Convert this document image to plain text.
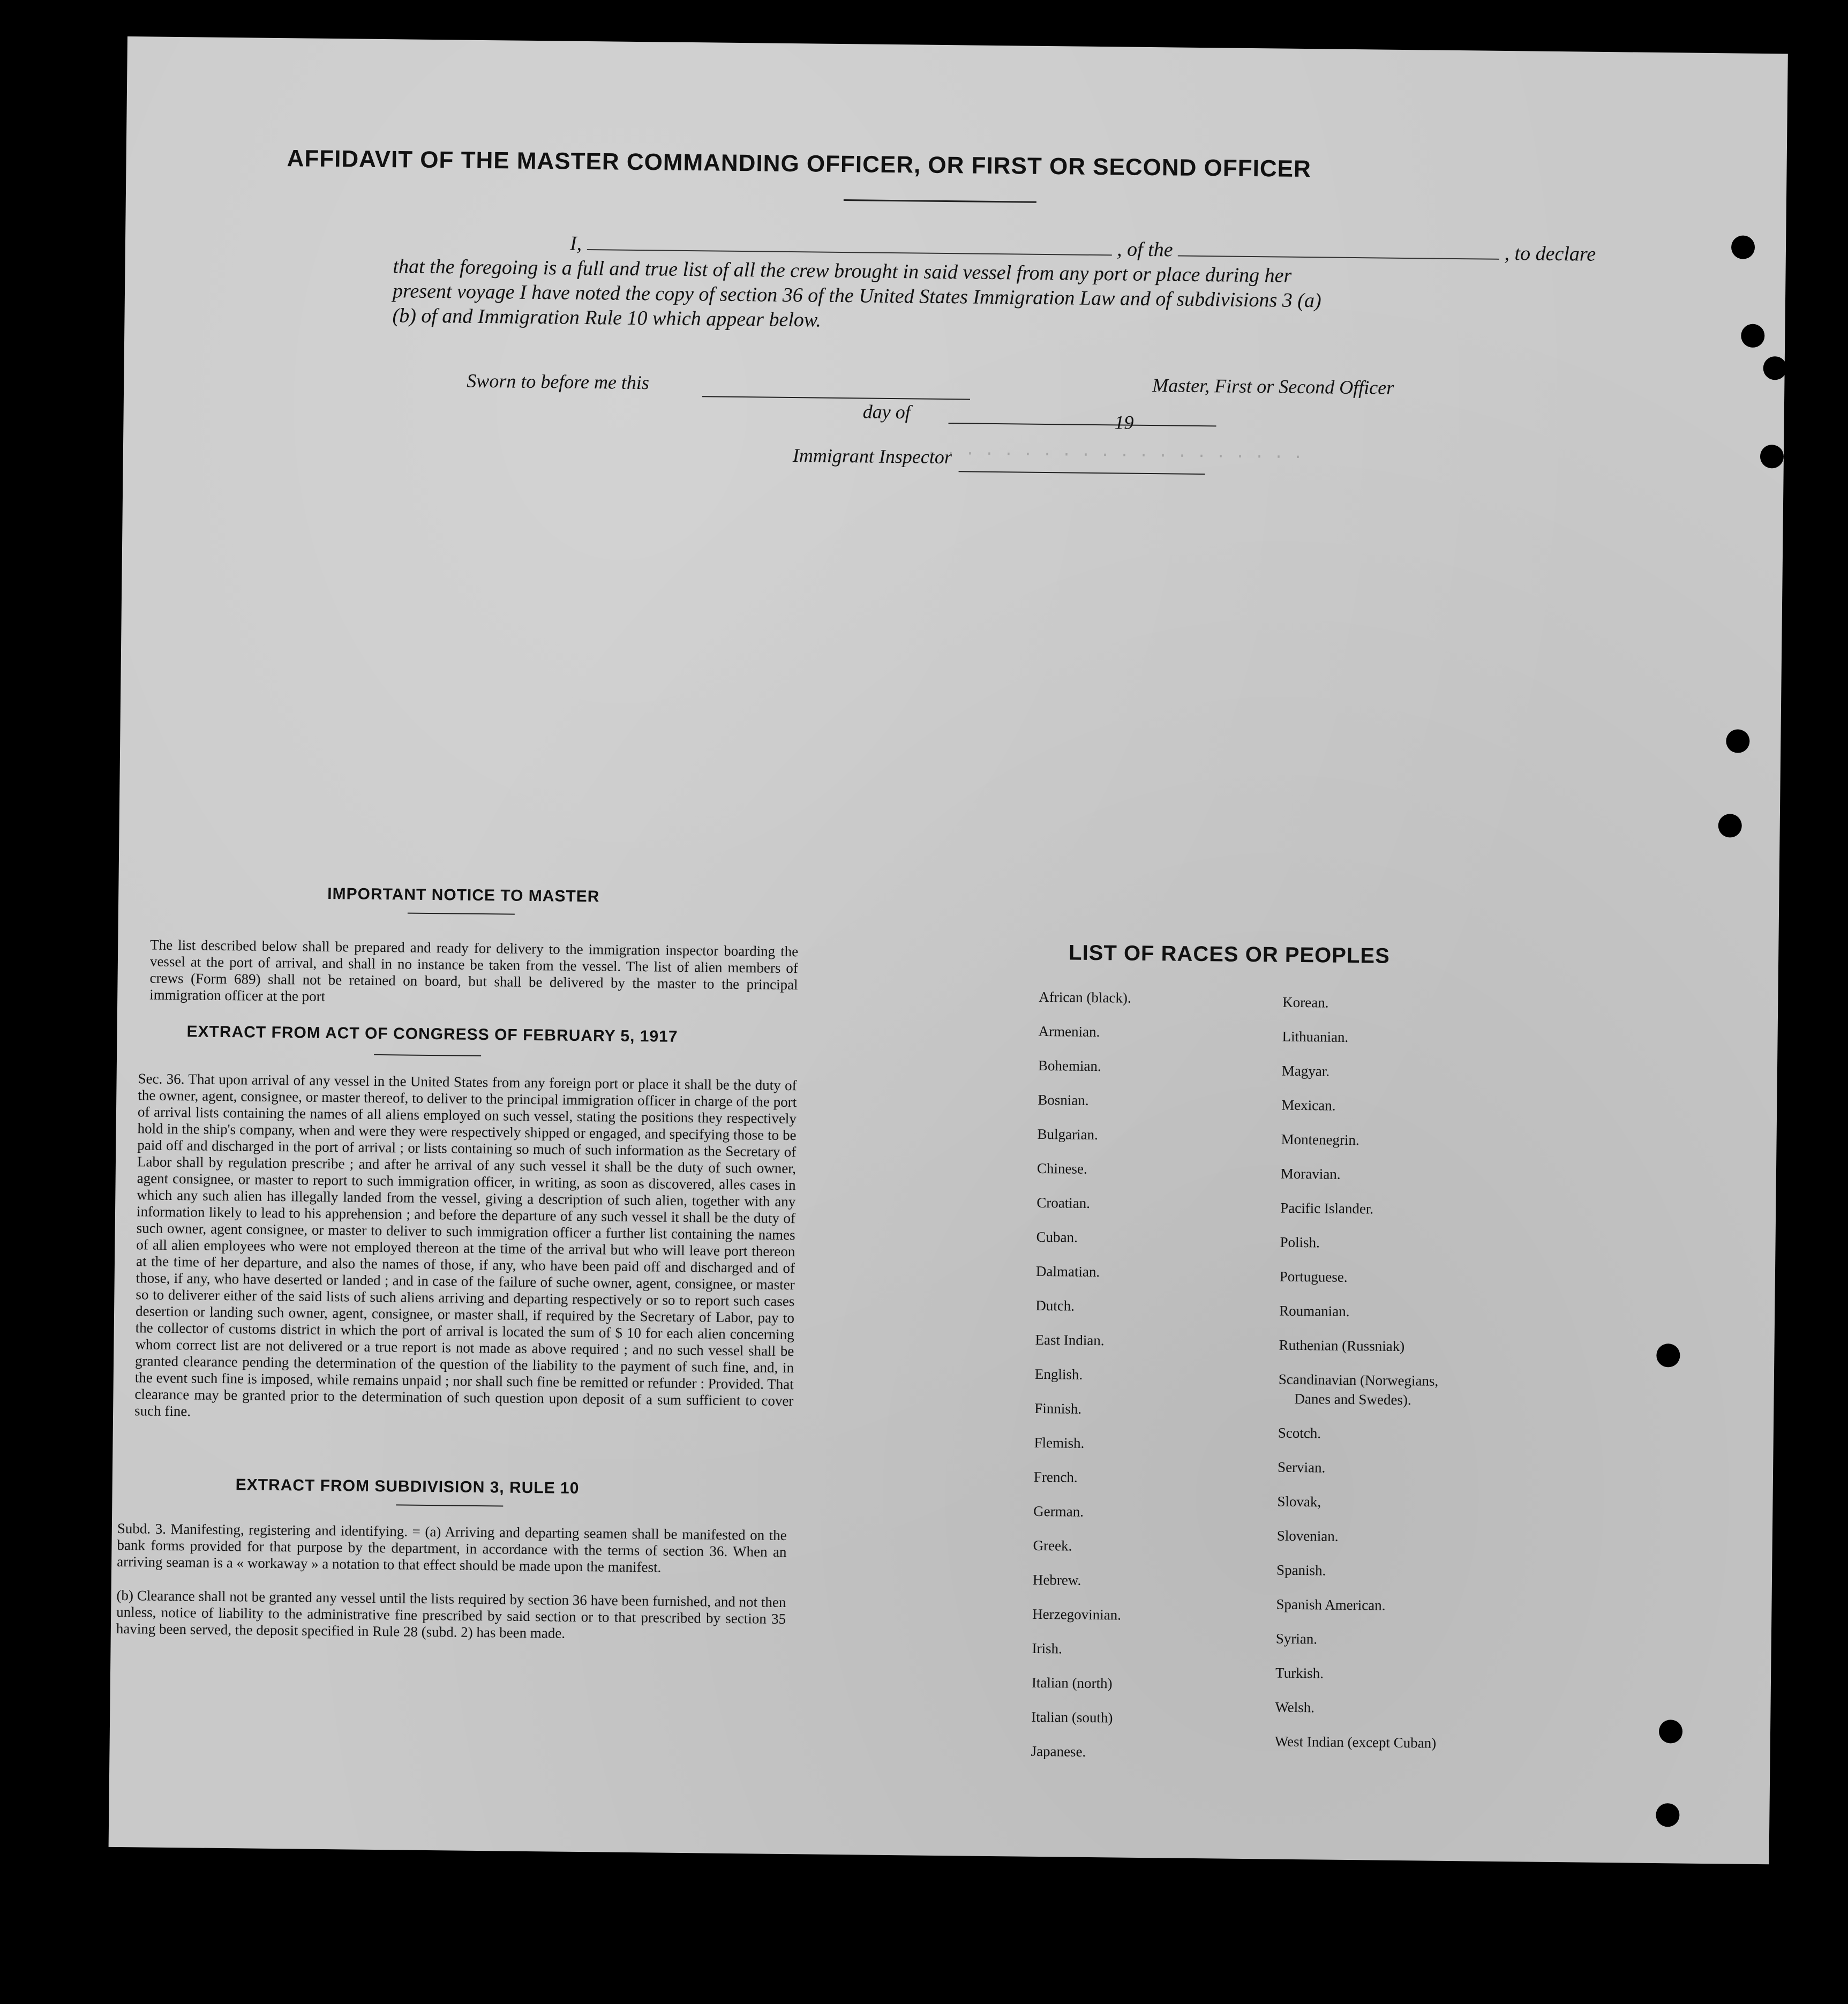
. . . . . . . . . . . . . . . . . . . .
AFFIDAVIT OF THE MASTER COMMANDING OFFICER, OR FIRST OR SECOND OFFICER
I,	, of the	, to declare
that the foregoing is a full and true list of all the crew brought in said vessel from any port or place during her
present voyage I have noted the copy of section 36 of the United States Immigration Law and of subdivisions 3 (a)
(b) of and Immigration Rule 10 which appear below.
Sworn to before me this
day of	19
Master, First or Second Officer
Immigrant Inspector
IMPORTANT NOTICE TO MASTER
The list described below shall be prepared and ready for delivery to the immigration inspector boarding the vessel at the port of arrival, and shall in no instance be taken from the vessel. The list of alien members of crews (Form 689) shall not be retained on board, but shall be delivered by the master to the principal immigration officer at the port
EXTRACT FROM ACT OF CONGRESS OF FEBRUARY 5, 1917
Sec. 36. That upon arrival of any vessel in the United States from any foreign port or place it shall be the duty of the owner, agent, consignee, or master thereof, to deliver to the principal immigration officer in charge of the port of arrival lists containing the names of all aliens employed on such vessel, stating the positions they respectively hold in the ship's company, when and were they were respectively shipped or engaged, and specifying those to be paid off and discharged in the port of arrival ; or lists containing so much of such information as the Secretary of Labor shall by regulation prescribe ; and after he arrival of any such vessel it shall be the duty of such owner, agent consignee, or master to report to such immigration officer, in writing, as soon as discovered, alles cases in which any such alien has illegally landed from the vessel, giving a description of such alien, together with any information likely to lead to his apprehension ; and before the departure of any such vessel it shall be the duty of such owner, agent consignee, or master to deliver to such immigration officer a further list containing the names of all alien employees who were not employed thereon at the time of the arrival but who will leave port thereon at the time of her departure, and also the names of those, if any, who have been paid off and discharged and of those, if any, who have deserted or landed ; and in case of the failure of suche owner, agent, consignee, or master so to deliverer either of the said lists of such aliens arriving and departing respectively or so to report such cases desertion or landing such owner, agent, consignee, or master shall, if required by the Secretary of Labor, pay to the collector of customs district in which the port of arrival is located the sum of $ 10 for each alien concerning whom correct list are not delivered or a true report is not made as above required ; and no such vessel shall be granted clearance pending the determination of the question of the liability to the payment of such fine, and, in the event such fine is imposed, while remains unpaid ; nor shall such fine be remitted or refunder : Provided. That clearance may be granted prior to the determination of such question upon deposit of a sum sufficient to cover such fine.
EXTRACT FROM SUBDIVISION 3, RULE 10
Subd. 3. Manifesting, registering and identifying. = (a) Arriving and departing seamen shall be manifested on the bank forms provided for that purpose by the department, in accordance with the terms of section 36. When an arriving seaman is a « workaway » a notation to that effect should be made upon the manifest.
(b) Clearance shall not be granted any vessel until the lists required by section 36 have been furnished, and not then unless, notice of liability to the administrative fine prescribed by said section or to that prescribed by section 35 having been served, the deposit specified in Rule 28 (subd. 2) has been made.
LIST OF RACES OR PEOPLES
African (black).
Armenian.
Bohemian.
Bosnian.
Bulgarian.
Chinese.
Croatian.
Cuban.
Dalmatian.
Dutch.
East Indian.
English.
Finnish.
Flemish.
French.
German.
Greek.
Hebrew.
Herzegovinian.
Irish.
Italian (north)
Italian (south)
Japanese.
Korean.
Lithuanian.
Magyar.
Mexican.
Montenegrin.
Moravian.
Pacific Islander.
Polish.
Portuguese.
Roumanian.
Ruthenian (Russniak)
Scandinavian (Norwegians,
Danes and Swedes).
Scotch.
Servian.
Slovak,
Slovenian.
Spanish.
Spanish American.
Syrian.
Turkish.
Welsh.
West Indian (except Cuban)
